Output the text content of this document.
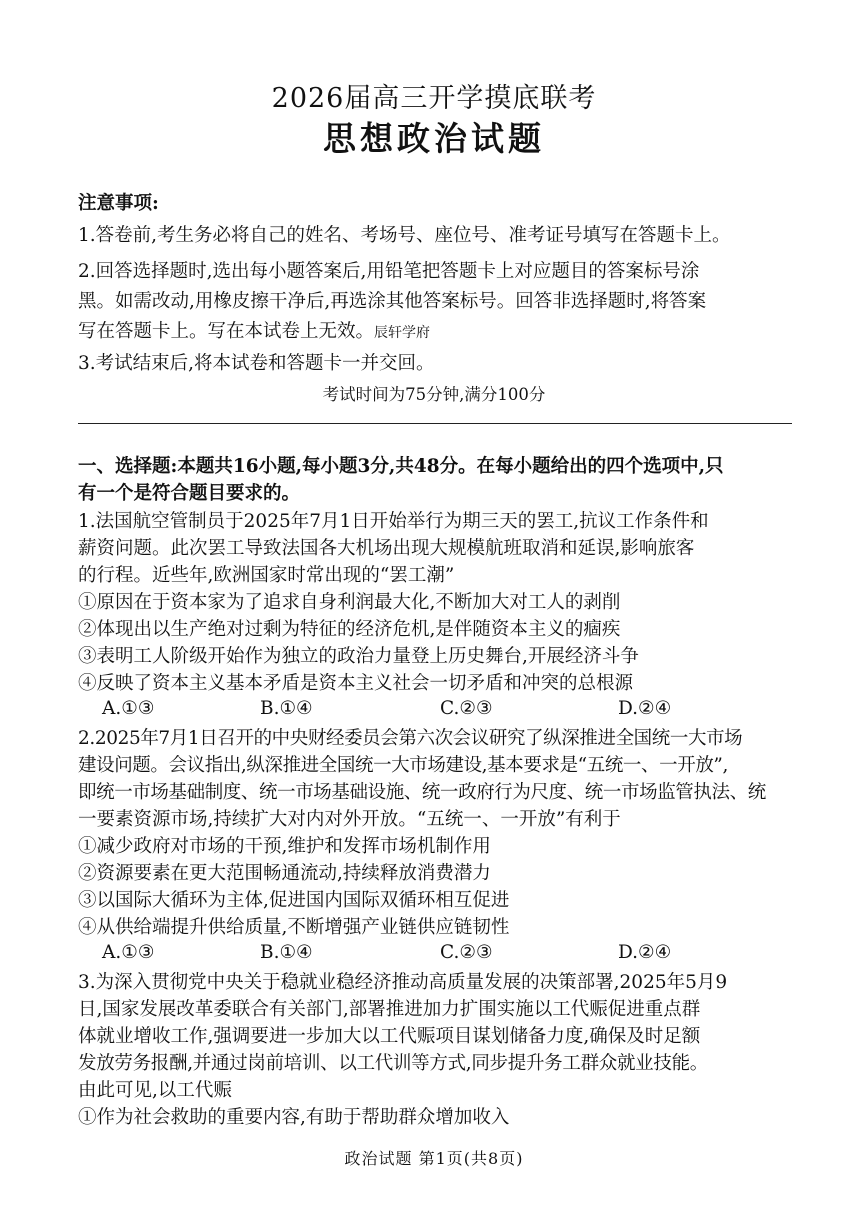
2026届高三开学摸底联考
思想政治试题
注意事项:
1.答卷前,考生务必将自己的姓名、考场号、座位号、准考证号填写在答题卡上。
2.回答选择题时,选出每小题答案后,用铅笔把答题卡上对应题目的答案标号涂
黑。如需改动,用橡皮擦干净后,再选涂其他答案标号。回答非选择题时,将答案
写在答题卡上。写在本试卷上无效。辰轩学府
3.考试结束后,将本试卷和答题卡一并交回。
考试时间为75分钟,满分100分
一、选择题:本题共16小题,每小题3分,共48分。在每小题给出的四个选项中,只
有一个是符合题目要求的。
1.法国航空管制员于2025年7月1日开始举行为期三天的罢工,抗议工作条件和
薪资问题。此次罢工导致法国各大机场出现大规模航班取消和延误,影响旅客
的行程。近些年,欧洲国家时常出现的“罢工潮”
①原因在于资本家为了追求自身利润最大化,不断加大对工人的剥削
②体现出以生产绝对过剩为特征的经济危机,是伴随资本主义的痼疾
③表明工人阶级开始作为独立的政治力量登上历史舞台,开展经济斗争
④反映了资本主义基本矛盾是资本主义社会一切矛盾和冲突的总根源
A.①③	B.①④	C.②③	D.②④
2.2025年7月1日召开的中央财经委员会第六次会议研究了纵深推进全国统一大市场
建设问题。会议指出,纵深推进全国统一大市场建设,基本要求是“五统一、一开放”,
即统一市场基础制度、统一市场基础设施、统一政府行为尺度、统一市场监管执法、统
一要素资源市场,持续扩大对内对外开放。“五统一、一开放”有利于
①减少政府对市场的干预,维护和发挥市场机制作用
②资源要素在更大范围畅通流动,持续释放消费潜力
③以国际大循环为主体,促进国内国际双循环相互促进
④从供给端提升供给质量,不断增强产业链供应链韧性
A.①③	B.①④	C.②③	D.②④
3.为深入贯彻党中央关于稳就业稳经济推动高质量发展的决策部署,2025年5月9
日,国家发展改革委联合有关部门,部署推进加力扩围实施以工代赈促进重点群
体就业增收工作,强调要进一步加大以工代赈项目谋划储备力度,确保及时足额
发放劳务报酬,并通过岗前培训、以工代训等方式,同步提升务工群众就业技能。
由此可见,以工代赈
①作为社会救助的重要内容,有助于帮助群众增加收入
政治试题 第1页(共8页)
